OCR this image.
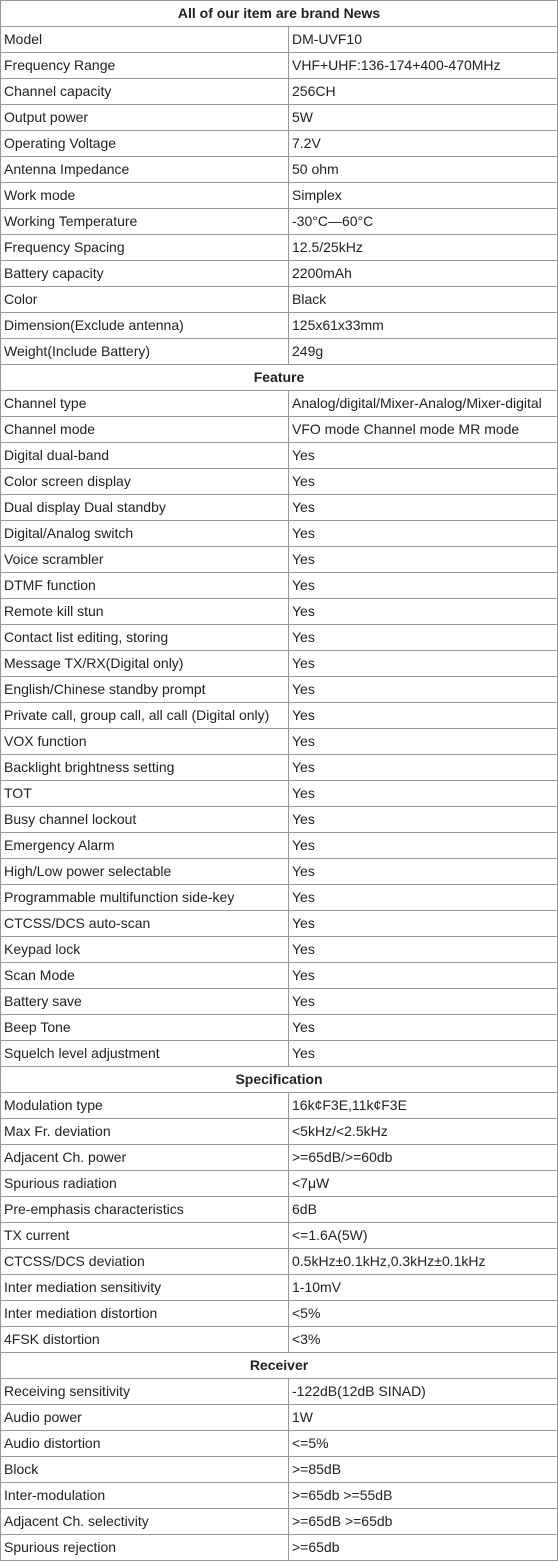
All of our item are brand News	
Model	DM-UVF10
Frequency Range	VHF+UHF:136-174+400-470MHz
Channel capacity	256CH
Output power	5W
Operating Voltage	7.2V
Antenna Impedance	50 ohm
Work mode	Simplex
Working Temperature	-30°C—60°C
Frequency Spacing	12.5/25kHz
Battery capacity	2200mAh
Color	Black
Dimension(Exclude antenna)	125x61x33mm
Weight(Include Battery)	249g
Feature	
Channel type	Analog/digital/Mixer-Analog/Mixer-digital
Channel mode	VFO mode Channel mode MR mode
Digital dual-band	Yes
Color screen display	Yes
Dual display Dual standby	Yes
Digital/Analog switch	Yes
Voice scrambler	Yes
DTMF function	Yes
Remote kill stun	Yes
Contact list editing, storing	Yes
Message TX/RX(Digital only)	Yes
English/Chinese standby prompt	Yes
Private call, group call, all call (Digital only)	Yes
VOX function	Yes
Backlight brightness setting	Yes
TOT	Yes
Busy channel lockout	Yes
Emergency Alarm	Yes
High/Low power selectable	Yes
Programmable multifunction side-key	Yes
CTCSS/DCS auto-scan	Yes
Keypad lock	Yes
Scan Mode	Yes
Battery save	Yes
Beep Tone	Yes
Squelch level adjustment	Yes
Specification	
Modulation type	16k¢F3E,11k¢F3E
Max Fr. deviation	<5kHz/<2.5kHz
Adjacent Ch. power	>=65dB/>=60db
Spurious radiation	<7μW
Pre-emphasis characteristics	6dB
TX current	<=1.6A(5W)
CTCSS/DCS deviation	0.5kHz±0.1kHz,0.3kHz±0.1kHz
Inter mediation sensitivity	1-10mV
Inter mediation distortion	<5%
4FSK distortion	<3%
Receiver	
Receiving sensitivity	-122dB(12dB SINAD)
Audio power	1W
Audio distortion	<=5%
Block	>=85dB
Inter-modulation	>=65db >=55dB
Adjacent Ch. selectivity	>=65dB >=65db
Spurious rejection	>=65db
